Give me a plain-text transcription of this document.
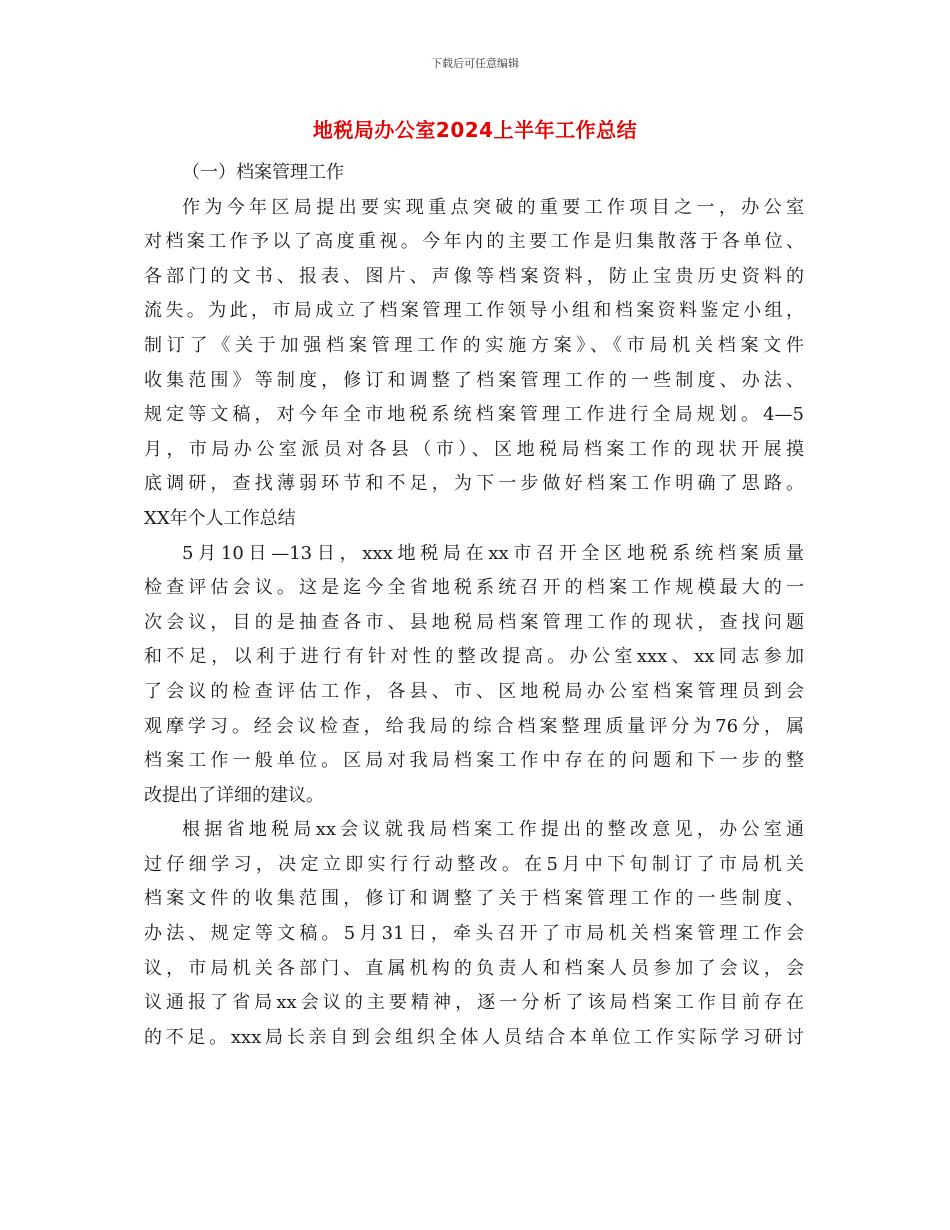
下载后可任意编辑
地税局办公室2024上半年工作总结
（一）档案管理工作
作为今年区局提出要实现重点突破的重要工作项目之一，办公室
对档案工作予以了高度重视。今年内的主要工作是归集散落于各单位、
各部门的文书、报表、图片、声像等档案资料，防止宝贵历史资料的
流失。为此，市局成立了档案管理工作领导小组和档案资料鉴定小组，
制订了《关于加强档案管理工作的实施方案》、《市局机关档案文件
收集范围》等制度，修订和调整了档案管理工作的一些制度、办法、
规定等文稿，对今年全市地税系统档案管理工作进行全局规划。4—5
月，市局办公室派员对各县（市）、区地税局档案工作的现状开展摸
底调研，查找薄弱环节和不足，为下一步做好档案工作明确了思路。
XX年个人工作总结
5月10日—13日，xxx地税局在xx市召开全区地税系统档案质量
检查评估会议。这是迄今全省地税系统召开的档案工作规模最大的一
次会议，目的是抽查各市、县地税局档案管理工作的现状，查找问题
和不足，以利于进行有针对性的整改提高。办公室xxx、xx同志参加
了会议的检查评估工作，各县、市、区地税局办公室档案管理员到会
观摩学习。经会议检查，给我局的综合档案整理质量评分为76分，属
档案工作一般单位。区局对我局档案工作中存在的问题和下一步的整
改提出了详细的建议。
根据省地税局xx会议就我局档案工作提出的整改意见，办公室通
过仔细学习，决定立即实行行动整改。在5月中下旬制订了市局机关
档案文件的收集范围，修订和调整了关于档案管理工作的一些制度、
办法、规定等文稿。5月31日，牵头召开了市局机关档案管理工作会
议，市局机关各部门、直属机构的负责人和档案人员参加了会议，会
议通报了省局xx会议的主要精神，逐一分析了该局档案工作目前存在
的不足。xxx局长亲自到会组织全体人员结合本单位工作实际学习研讨
